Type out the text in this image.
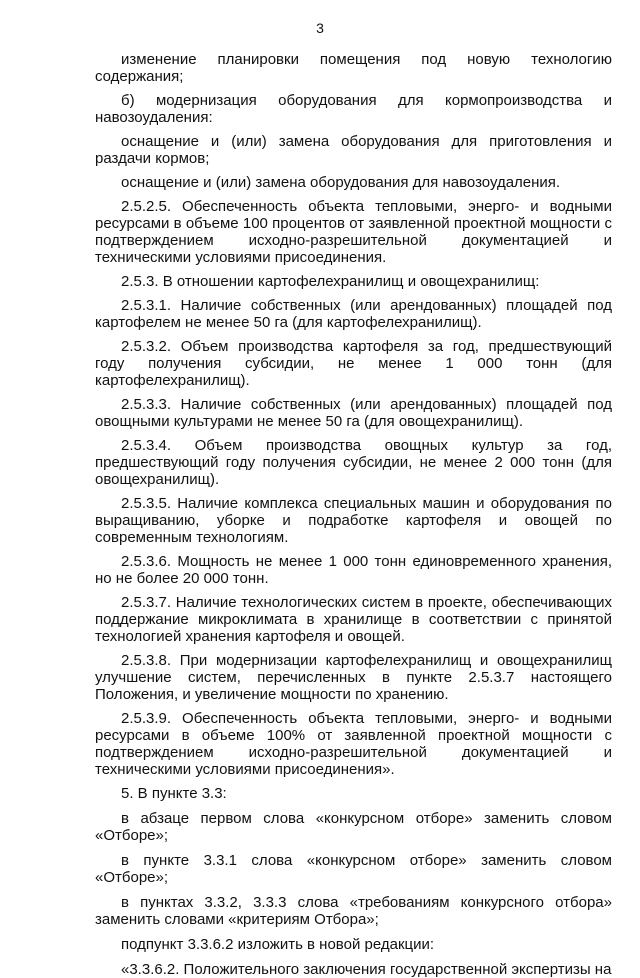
3

изменение планировки помещения под новую технологию содержания;

б) модернизация оборудования для кормопроизводства и навозоудаления:

оснащение и (или) замена оборудования для приготовления и раздачи кормов;

оснащение и (или) замена оборудования для навозоудаления.

2.5.2.5. Обеспеченность объекта тепловыми, энерго- и водными ресурсами в объеме 100 процентов от заявленной проектной мощности с подтверждением исходно-разрешительной документацией и техническими условиями присоединения.

2.5.3. В отношении картофелехранилищ и овощехранилищ:

2.5.3.1. Наличие собственных (или арендованных) площадей под картофелем не менее 50 га (для картофелехранилищ).

2.5.3.2. Объем производства картофеля за год, предшествующий году получения субсидии, не менее 1 000 тонн (для картофелехранилищ).

2.5.3.3. Наличие собственных (или арендованных) площадей под овощными культурами не менее 50 га (для овощехранилищ).

2.5.3.4. Объем производства овощных культур за год, предшествующий году получения субсидии, не менее 2 000 тонн (для овощехранилищ).

2.5.3.5. Наличие комплекса специальных машин и оборудования по выращиванию, уборке и подработке картофеля и овощей по современным технологиям.

2.5.3.6. Мощность не менее 1 000 тонн единовременного хранения, но не более 20 000 тонн.

2.5.3.7. Наличие технологических систем в проекте, обеспечивающих поддержание микроклимата в хранилище в соответствии с принятой технологией хранения картофеля и овощей.

2.5.3.8. При модернизации картофелехранилищ и овощехранилищ улучшение систем, перечисленных в пункте 2.5.3.7 настоящего Положения, и увеличение мощности по хранению.

2.5.3.9. Обеспеченность объекта тепловыми, энерго- и водными ресурсами в объеме 100% от заявленной проектной мощности с подтверждением исходно-разрешительной документацией и техническими условиями присоединения».

5. В пункте 3.3:

в абзаце первом слова «конкурсном отборе» заменить словом «Отборе»;

в пункте 3.3.1 слова «конкурсном отборе» заменить словом «Отборе»;

в пунктах 3.3.2, 3.3.3 слова «требованиям конкурсного отбора» заменить словами «критериям Отбора»;

подпункт 3.3.6.2 изложить в новой редакции:

«3.3.6.2. Положительного заключения государственной экспертизы на
